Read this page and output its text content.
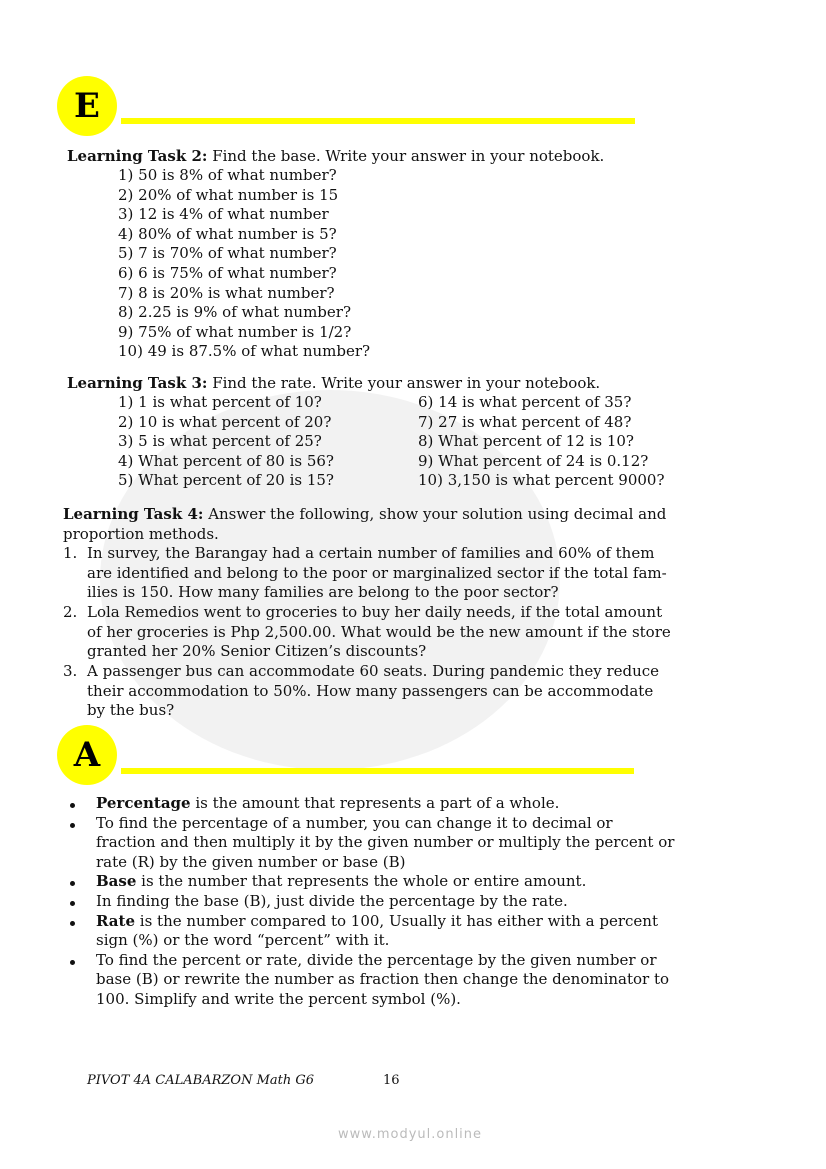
E
Learning Task 2: Find the base. Write your answer in your notebook.
1) 50 is 8% of what number?
2) 20% of what number is 15
3) 12 is 4% of what number
4) 80% of what number is 5?
5) 7 is 70% of what number?
6) 6 is 75% of what number?
7) 8 is 20% is what number?
8) 2.25 is 9% of what number?
9) 75% of what number is 1/2?
10) 49 is 87.5% of what number?
Learning Task 3: Find the rate. Write your answer in your notebook.
1) 1 is what percent of 10?
2) 10 is what percent of 20?
3) 5 is what percent of 25?
4) What percent of 80 is 56?
5) What percent of 20 is 15?
6) 14 is what percent of 35?
7) 27 is what percent of 48?
8) What percent of 12 is 10?
9) What percent of 24 is 0.12?
10) 3,150 is what percent 9000?
Learning Task 4: Answer the following, show your solution using decimal and
proportion methods.
1. In survey, the Barangay had a certain number of families and 60% of them
are identified and belong to the poor or marginalized sector if the total fam-
ilies is 150. How many families are belong to the poor sector?
2. Lola Remedios went to groceries to buy her daily needs, if the total amount
of her groceries is Php 2,500.00. What would be the new amount if the store
granted her 20% Senior Citizen’s discounts?
3. A passenger bus can accommodate 60 seats. During pandemic they reduce
their accommodation to 50%. How many passengers can be accommodate
by the bus?
A
Percentage is the amount that represents a part of a whole.
To find the percentage of a number, you can change it to decimal or
fraction and then multiply it by the given number or multiply the percent or
rate (R) by the given number or base (B)
Base is the number that represents the whole or entire amount.
In finding the base (B), just divide the percentage by the rate.
Rate is the number compared to 100, Usually it has either with a percent
sign (%) or the word “percent” with it.
To find the percent or rate, divide the percentage by the given number or
base (B) or rewrite the number as fraction then change the denominator to
100. Simplify and write the percent symbol (%).
PIVOT 4A CALABARZON Math G6	16
www.modyul.online
